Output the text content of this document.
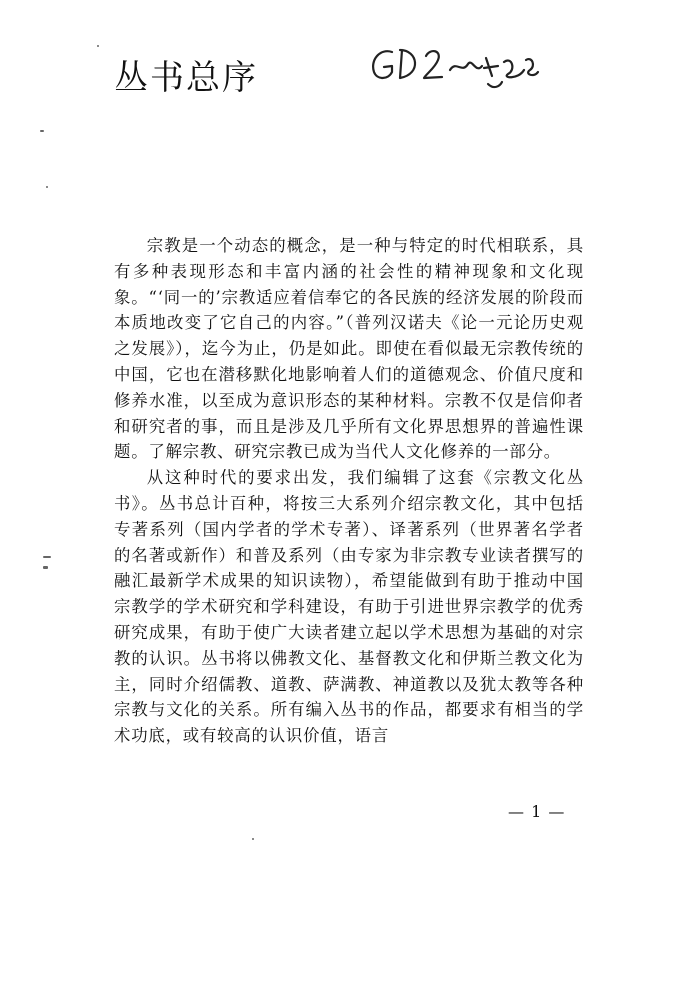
丛书总序

宗教是一个动态的概念，是一种与特定的时代相联系，具有多种表现形态和丰富内涵的社会性的精神现象和文化现象。“‘同一的’宗教适应着信奉它的各民族的经济发展的阶段而本质地改变了它自己的内容。”（普列汉诺夫《论一元论历史观之发展》），迄今为止，仍是如此。即使在看似最无宗教传统的中国，它也在潜移默化地影响着人们的道德观念、价值尺度和修养水准，以至成为意识形态的某种材料。宗教不仅是信仰者和研究者的事，而且是涉及几乎所有文化界思想界的普遍性课题。了解宗教、研究宗教已成为当代人文化修养的一部分。

从这种时代的要求出发，我们编辑了这套《宗教文化丛书》。丛书总计百种，将按三大系列介绍宗教文化，其中包括专著系列（国内学者的学术专著）、译著系列（世界著名学者的名著或新作）和普及系列（由专家为非宗教专业读者撰写的融汇最新学术成果的知识读物），希望能做到有助于推动中国宗教学的学术研究和学科建设，有助于引进世界宗教学的优秀研究成果，有助于使广大读者建立起以学术思想为基础的对宗教的认识。丛书将以佛教文化、基督教文化和伊斯兰教文化为主，同时介绍儒教、道教、萨满教、神道教以及犹太教等各种宗教与文化的关系。所有编入丛书的作品，都要求有相当的学术功底，或有较高的认识价值，语言

— 1 —
